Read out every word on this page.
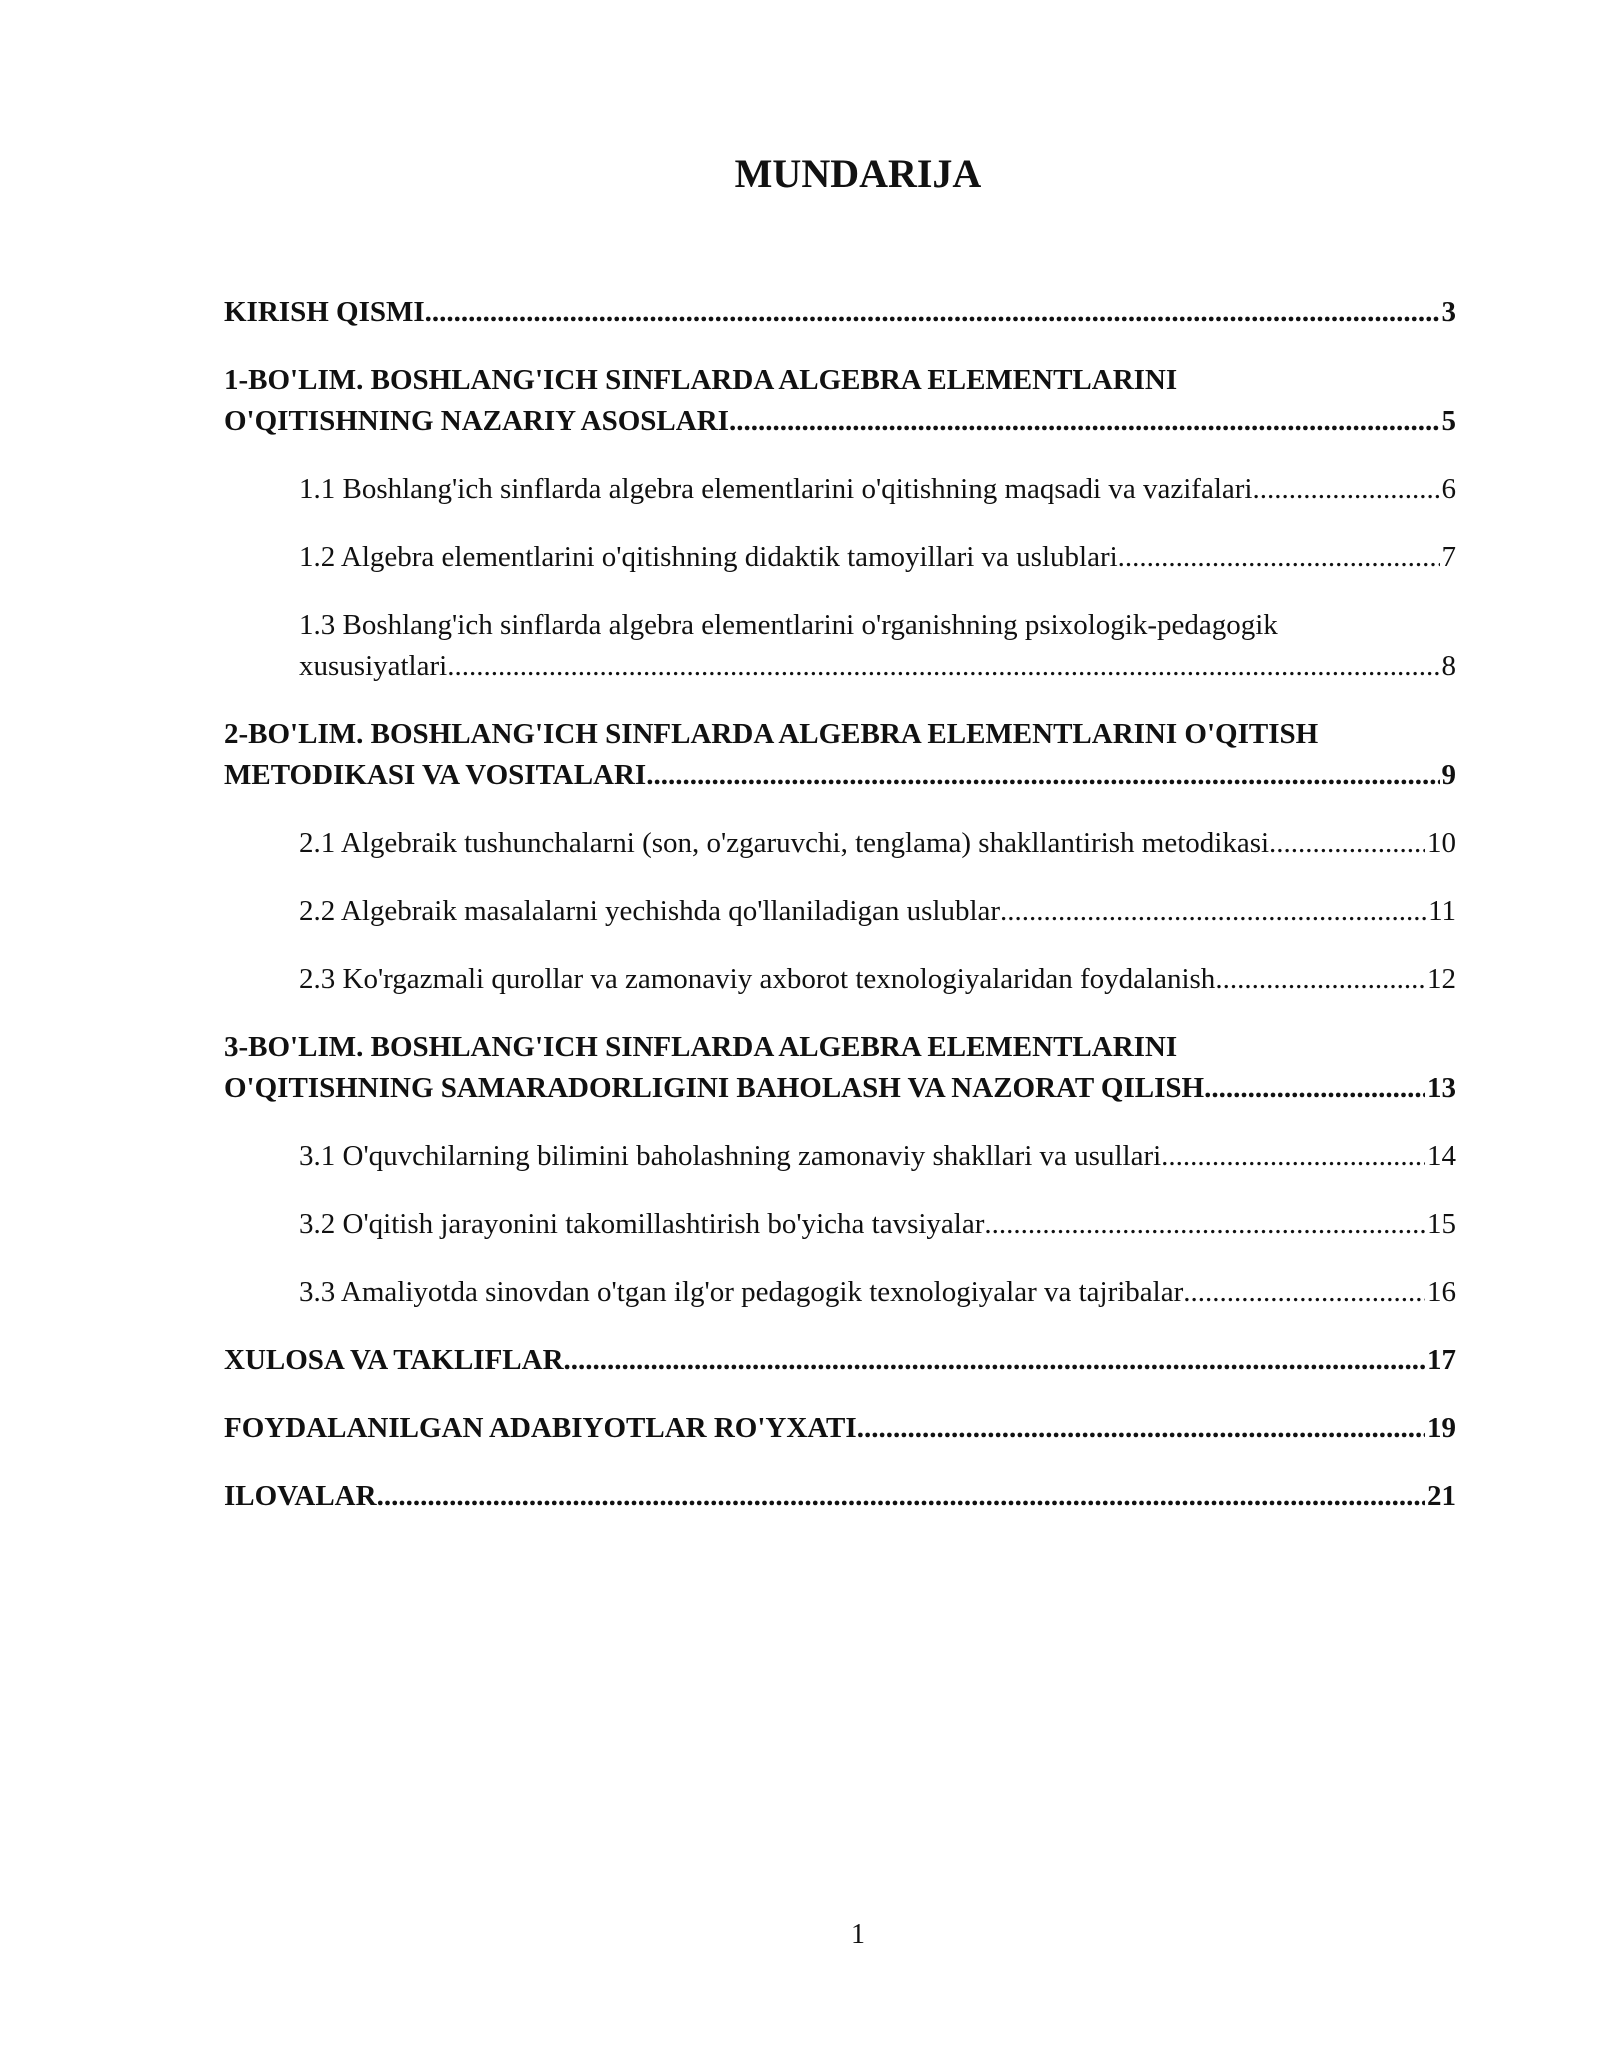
MUNDARIJA
KIRISH QISMI .....	3
1-BO'LIM. BOSHLANG'ICH SINFLARDA ALGEBRA ELEMENTLARINI
O'QITISHNING NAZARIY ASOSLARI .....	5
1.1 Boshlang'ich sinflarda algebra elementlarini o'qitishning maqsadi va vazifalari .....	6
1.2 Algebra elementlarini o'qitishning didaktik tamoyillari va uslublari .....	7
1.3 Boshlang'ich sinflarda algebra elementlarini o'rganishning psixologik-pedagogik
xususiyatlari .....	8
2-BO'LIM. BOSHLANG'ICH SINFLARDA ALGEBRA ELEMENTLARINI O'QITISH
METODIKASI VA VOSITALARI .....	9
2.1 Algebraik tushunchalarni (son, o'zgaruvchi, tenglama) shakllantirish metodikasi .....	10
2.2 Algebraik masalalarni yechishda qo'llaniladigan uslublar .....	11
2.3 Ko'rgazmali qurollar va zamonaviy axborot texnologiyalaridan foydalanish .....	12
3-BO'LIM. BOSHLANG'ICH SINFLARDA ALGEBRA ELEMENTLARINI
O'QITISHNING SAMARADORLIGINI BAHOLASH VA NAZORAT QILISH .....	13
3.1 O'quvchilarning bilimini baholashning zamonaviy shakllari va usullari .....	14
3.2 O'qitish jarayonini takomillashtirish bo'yicha tavsiyalar .....	15
3.3 Amaliyotda sinovdan o'tgan ilg'or pedagogik texnologiyalar va tajribalar .....	16
XULOSA VA TAKLIFLAR .....	17
FOYDALANILGAN ADABIYOTLAR RO'YXATI .....	19
ILOVALAR .....	21
1
